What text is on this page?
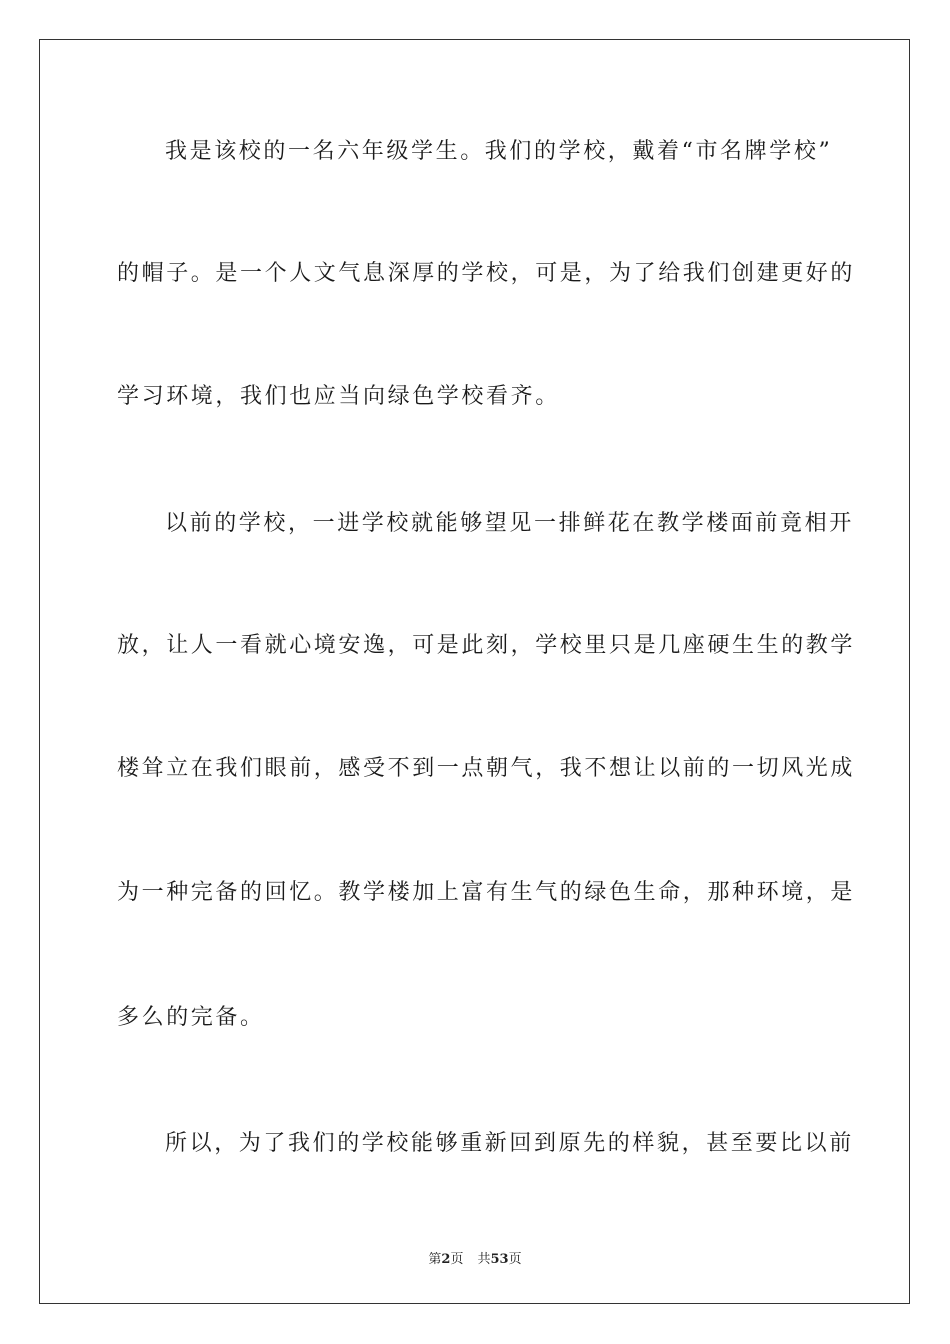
我是该校的一名六年级学生。我们的学校，戴着“市名牌学校”
的帽子。是一个人文气息深厚的学校，可是，为了给我们创建更好的
学习环境，我们也应当向绿色学校看齐。
以前的学校，一进学校就能够望见一排鲜花在教学楼面前竟相开
放，让人一看就心境安逸，可是此刻，学校里只是几座硬生生的教学
楼耸立在我们眼前，感受不到一点朝气，我不想让以前的一切风光成
为一种完备的回忆。教学楼加上富有生气的绿色生命，那种环境，是
多么的完备。
所以，为了我们的学校能够重新回到原先的样貌，甚至要比以前
第2页 共53页
